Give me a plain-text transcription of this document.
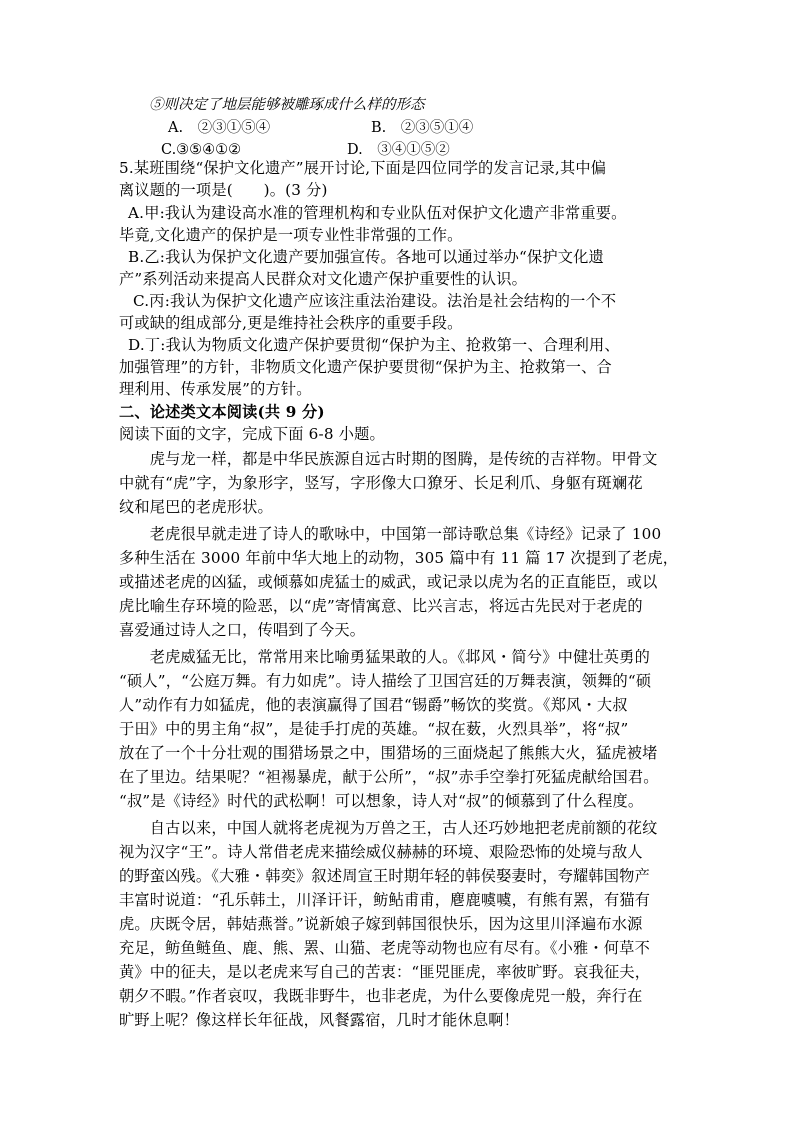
⑤则决定了地层能够被雕琢成什么样的形态
A.　②③①⑤④	B.　②③⑤①④
C.③⑤④①②	D.　③④①⑤②
5.某班围绕“保护文化遗产”展开讨论,下面是四位同学的发言记录,其中偏
离议题的一项是(　　)。(3 分)
A.甲:我认为建设高水准的管理机构和专业队伍对保护文化遗产非常重要。
毕竟,文化遗产的保护是一项专业性非常强的工作。
B.乙:我认为保护文化遗产要加强宣传。各地可以通过举办“保护文化遗
产”系列活动来提高人民群众对文化遗产保护重要性的认识。
C.丙:我认为保护文化遗产应该注重法治建设。法治是社会结构的一个不
可或缺的组成部分,更是维持社会秩序的重要手段。
D.丁:我认为物质文化遗产保护要贯彻“保护为主、抢救第一、合理利用、
加强管理”的方针，非物质文化遗产保护要贯彻“保护为主、抢救第一、合
理利用、传承发展”的方针。
二、论述类文本阅读(共 9 分)
阅读下面的文字，完成下面 6-8 小题。
　　虎与龙一样，都是中华民族源自远古时期的图腾，是传统的吉祥物。甲骨文
中就有“虎”字，为象形字，竖写，字形像大口獠牙、长足利爪、身躯有斑斓花
纹和尾巴的老虎形状。
　　老虎很早就走进了诗人的歌咏中，中国第一部诗歌总集《诗经》记录了 100
多种生活在 3000 年前中华大地上的动物，305 篇中有 11 篇 17 次提到了老虎，
或描述老虎的凶猛，或倾慕如虎猛士的威武，或记录以虎为名的正直能臣，或以
虎比喻生存环境的险恶，以“虎”寄情寓意、比兴言志，将远古先民对于老虎的
喜爱通过诗人之口，传唱到了今天。
　　老虎威猛无比，常常用来比喻勇猛果敢的人。《邶风・简兮》中健壮英勇的
“硕人”，“公庭万舞。有力如虎”。诗人描绘了卫国宫廷的万舞表演，领舞的“硕
人”动作有力如猛虎，他的表演赢得了国君“锡爵”畅饮的奖赏。《郑风・大叔
于田》中的男主角“叔”，是徒手打虎的英雄。“叔在薮，火烈具举”，将“叔”
放在了一个十分壮观的围猎场景之中，围猎场的三面烧起了熊熊大火，猛虎被堵
在了里边。结果呢？“袒裼暴虎，献于公所”，“叔”赤手空拳打死猛虎献给国君。
“叔”是《诗经》时代的武松啊！可以想象，诗人对“叔”的倾慕到了什么程度。
　　自古以来，中国人就将老虎视为万兽之王，古人还巧妙地把老虎前额的花纹
视为汉字“王”。诗人常借老虎来描绘威仪赫赫的环境、艰险恐怖的处境与敌人
的野蛮凶残。《大雅・韩奕》叙述周宣王时期年轻的韩侯娶妻时，夸耀韩国物产
丰富时说道：“孔乐韩土，川泽讦讦，鲂鲇甫甫，麀鹿噳噳，有熊有罴，有猫有
虎。庆既令居，韩姞燕誉。”说新娘子嫁到韩国很快乐，因为这里川泽遍布水源
充足，鲂鱼鲢鱼、鹿、熊、罴、山猫、老虎等动物也应有尽有。《小雅・何草不
黄》中的征夫，是以老虎来写自己的苦衷：“匪兕匪虎，率彼旷野。哀我征夫，
朝夕不暇。”作者哀叹，我既非野牛，也非老虎，为什么要像虎兕一般，奔行在
旷野上呢？像这样长年征战，风餐露宿，几时才能休息啊！
